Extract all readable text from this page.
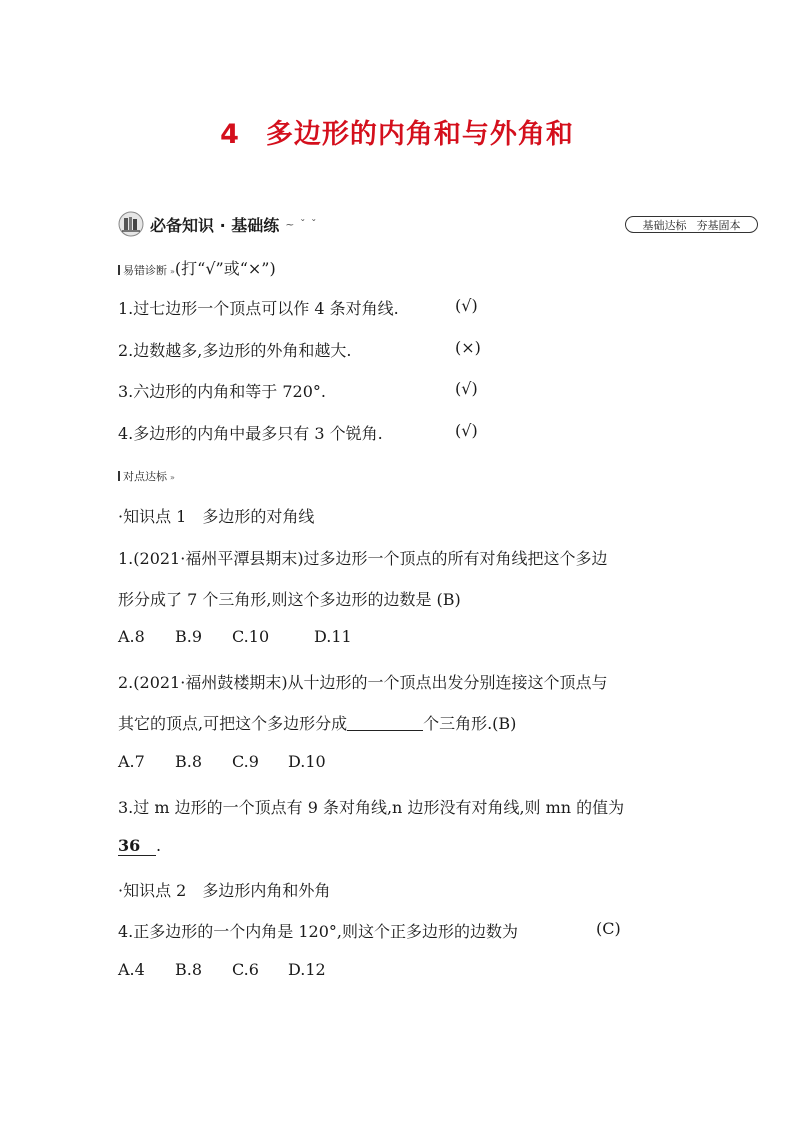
4 多边形的内角和与外角和
必备知识 · 基础练 ~ ˇ ˇ	基础达标 夯基固本
易错诊断 »(打“√”或“×”)
1.过七边形一个顶点可以作 4 条对角线.	(√)
2.边数越多,多边形的外角和越大.	(×)
3.六边形的内角和等于 720°.	(√)
4.多边形的内角中最多只有 3 个锐角.	(√)
对点达标 »
·知识点 1　多边形的对角线
1.(2021·福州平潭县期末)过多边形一个顶点的所有对角线把这个多边
形分成了 7 个三角形,则这个多边形的边数是 (B)
A.8 B.9 C.10	D.11
2.(2021·福州鼓楼期末)从十边形的一个顶点出发分别连接这个顶点与
其它的顶点,可把这个多边形分成	个三角形.(B)
A.7 B.8 C.9 D.10
3.过 m 边形的一个顶点有 9 条对角线,n 边形没有对角线,则 mn 的值为
36 .
·知识点 2　多边形内角和外角
4.正多边形的一个内角是 120°,则这个正多边形的边数为	(C)
A.4 B.8 C.6 D.12
